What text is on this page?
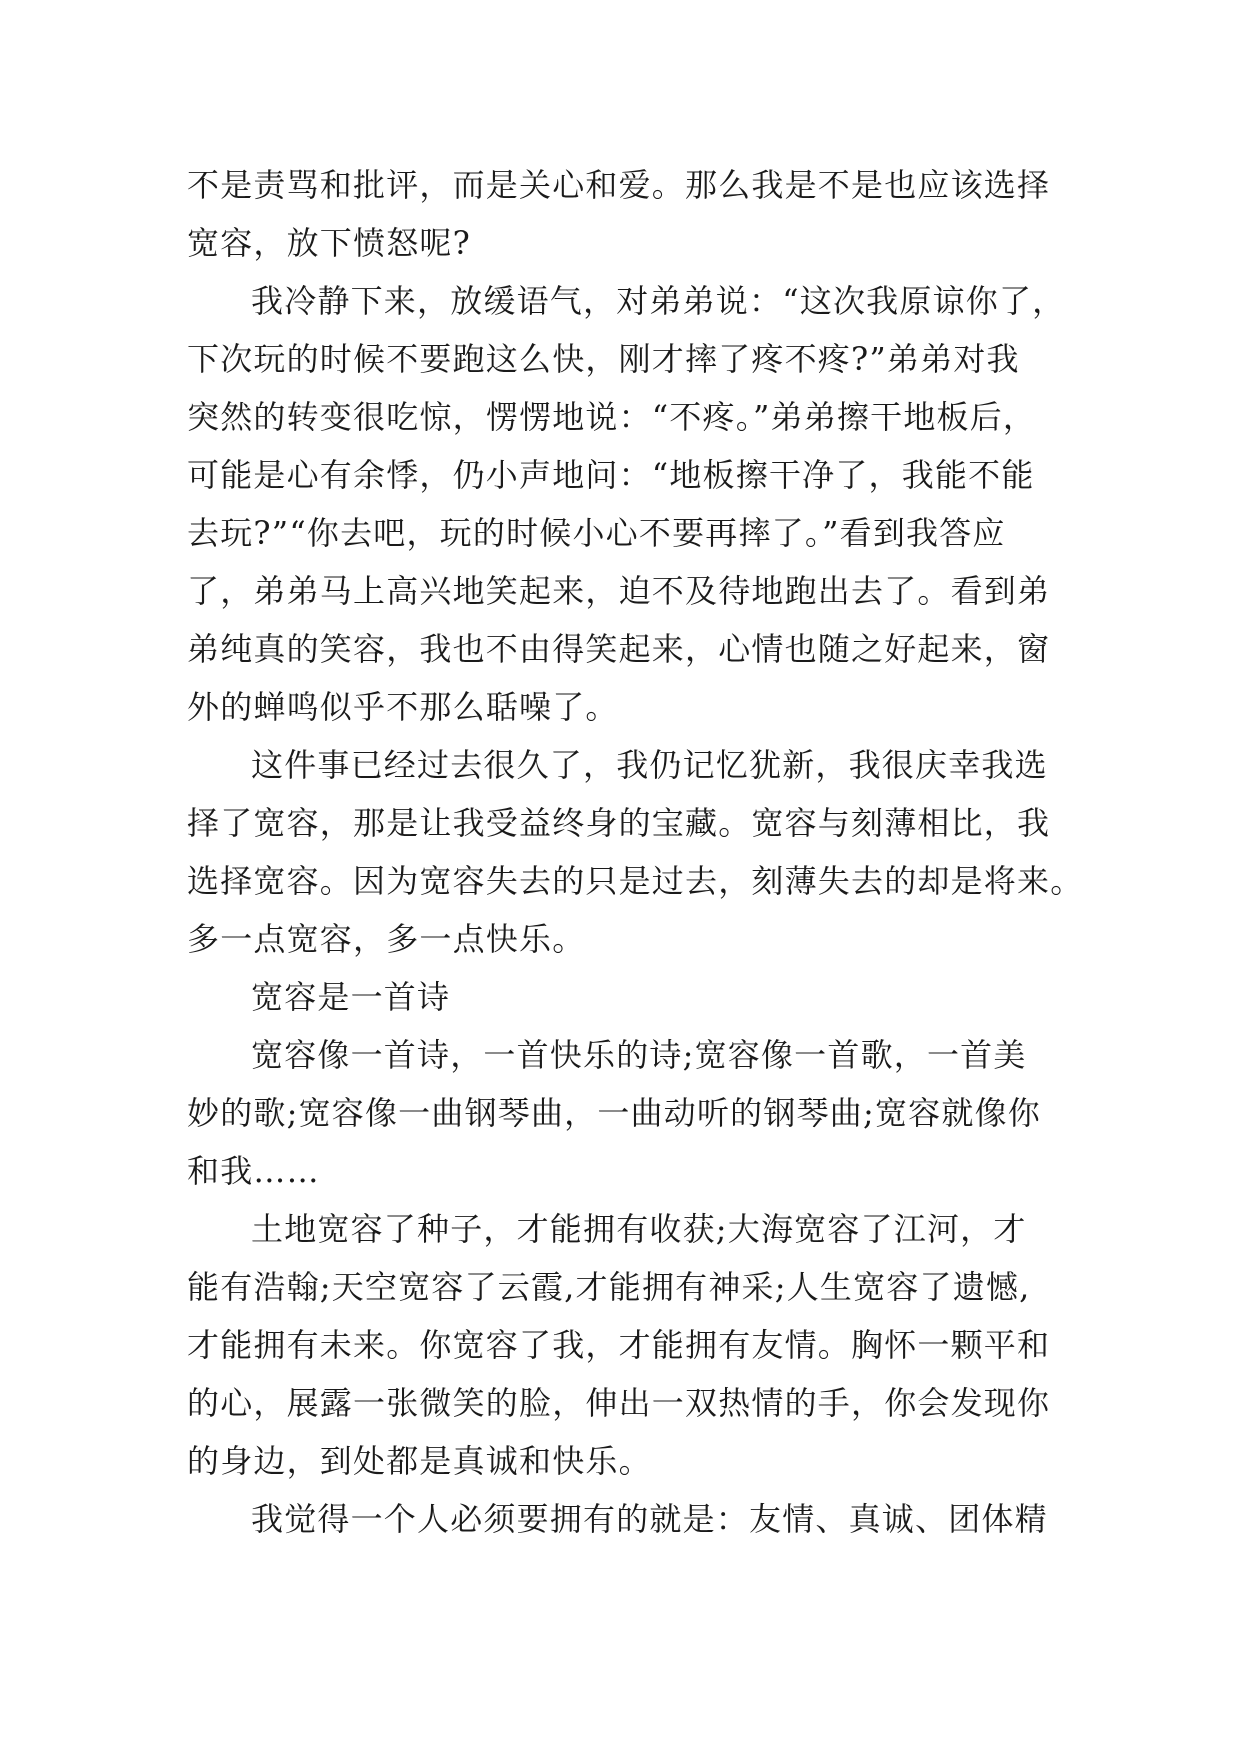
不是责骂和批评，而是关心和爱。那么我是不是也应该选择
宽容，放下愤怒呢?
我冷静下来，放缓语气，对弟弟说：“这次我原谅你了，
下次玩的时候不要跑这么快，刚才摔了疼不疼?”弟弟对我
突然的转变很吃惊，愣愣地说：“不疼。”弟弟擦干地板后，
可能是心有余悸，仍小声地问：“地板擦干净了，我能不能
去玩?”“你去吧，玩的时候小心不要再摔了。”看到我答应
了，弟弟马上高兴地笑起来，迫不及待地跑出去了。看到弟
弟纯真的笑容，我也不由得笑起来，心情也随之好起来，窗
外的蝉鸣似乎不那么聒噪了。
这件事已经过去很久了，我仍记忆犹新，我很庆幸我选
择了宽容，那是让我受益终身的宝藏。宽容与刻薄相比，我
选择宽容。因为宽容失去的只是过去，刻薄失去的却是将来。
多一点宽容，多一点快乐。
宽容是一首诗
宽容像一首诗，一首快乐的诗;宽容像一首歌，一首美
妙的歌;宽容像一曲钢琴曲，一曲动听的钢琴曲;宽容就像你
和我……
土地宽容了种子，才能拥有收获;大海宽容了江河，才
能有浩翰;天空宽容了云霞,才能拥有神采;人生宽容了遗憾,
才能拥有未来。你宽容了我，才能拥有友情。胸怀一颗平和
的心，展露一张微笑的脸，伸出一双热情的手，你会发现你
的身边，到处都是真诚和快乐。
我觉得一个人必须要拥有的就是：友情、真诚、团体精
